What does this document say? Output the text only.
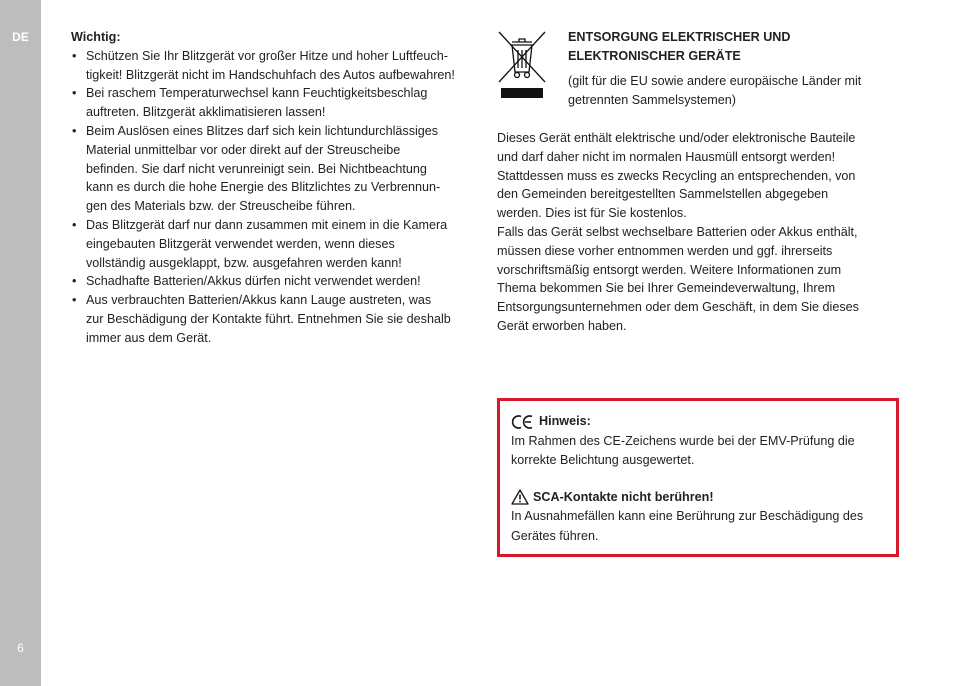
DE
6
Wichtig:
• Schützen Sie Ihr Blitzgerät vor großer Hitze und hoher Luftfeuch-
tigkeit! Blitzgerät nicht im Handschuhfach des Autos aufbewahren!
• Bei raschem Temperaturwechsel kann Feuchtigkeitsbeschlag
auftreten. Blitzgerät akklimatisieren lassen!
• Beim Auslösen eines Blitzes darf sich kein lichtundurchlässiges
Material unmittelbar vor oder direkt auf der Streuscheibe
befinden. Sie darf nicht verunreinigt sein. Bei Nichtbeachtung
kann es durch die hohe Energie des Blitzlichtes zu Verbrennun-
gen des Materials bzw. der Streuscheibe führen.
• Das Blitzgerät darf nur dann zusammen mit einem in die Kamera
eingebauten Blitzgerät verwendet werden, wenn dieses
vollständig ausgeklappt, bzw. ausgefahren werden kann!
• Schadhafte Batterien/Akkus dürfen nicht verwendet werden!
• Aus verbrauchten Batterien/Akkus kann Lauge austreten, was
zur Beschädigung der Kontakte führt. Entnehmen Sie sie deshalb
immer aus dem Gerät.
ENTSORGUNG ELEKTRISCHER UND
ELEKTRONISCHER GERÄTE
(gilt für die EU sowie andere europäische Länder mit
getrennten Sammelsystemen)
Dieses Gerät enthält elektrische und/oder elektronische Bauteile
und darf daher nicht im normalen Hausmüll entsorgt werden!
Stattdessen muss es zwecks Recycling an entsprechenden, von
den Gemeinden bereitgestellten Sammelstellen abgegeben
werden. Dies ist für Sie kostenlos.
Falls das Gerät selbst wechselbare Batterien oder Akkus enthält,
müssen diese vorher entnommen werden und ggf. ihrerseits
vorschriftsmäßig entsorgt werden. Weitere Informationen zum
Thema bekommen Sie bei Ihrer Gemeindeverwaltung, Ihrem
Entsorgungsunternehmen oder dem Geschäft, in dem Sie dieses
Gerät erworben haben.
Hinweis:
Im Rahmen des CE-Zeichens wurde bei der EMV-Prüfung die
korrekte Belichtung ausgewertet.
SCA-Kontakte nicht berühren!
In Ausnahmefällen kann eine Berührung zur Beschädigung des
Gerätes führen.
